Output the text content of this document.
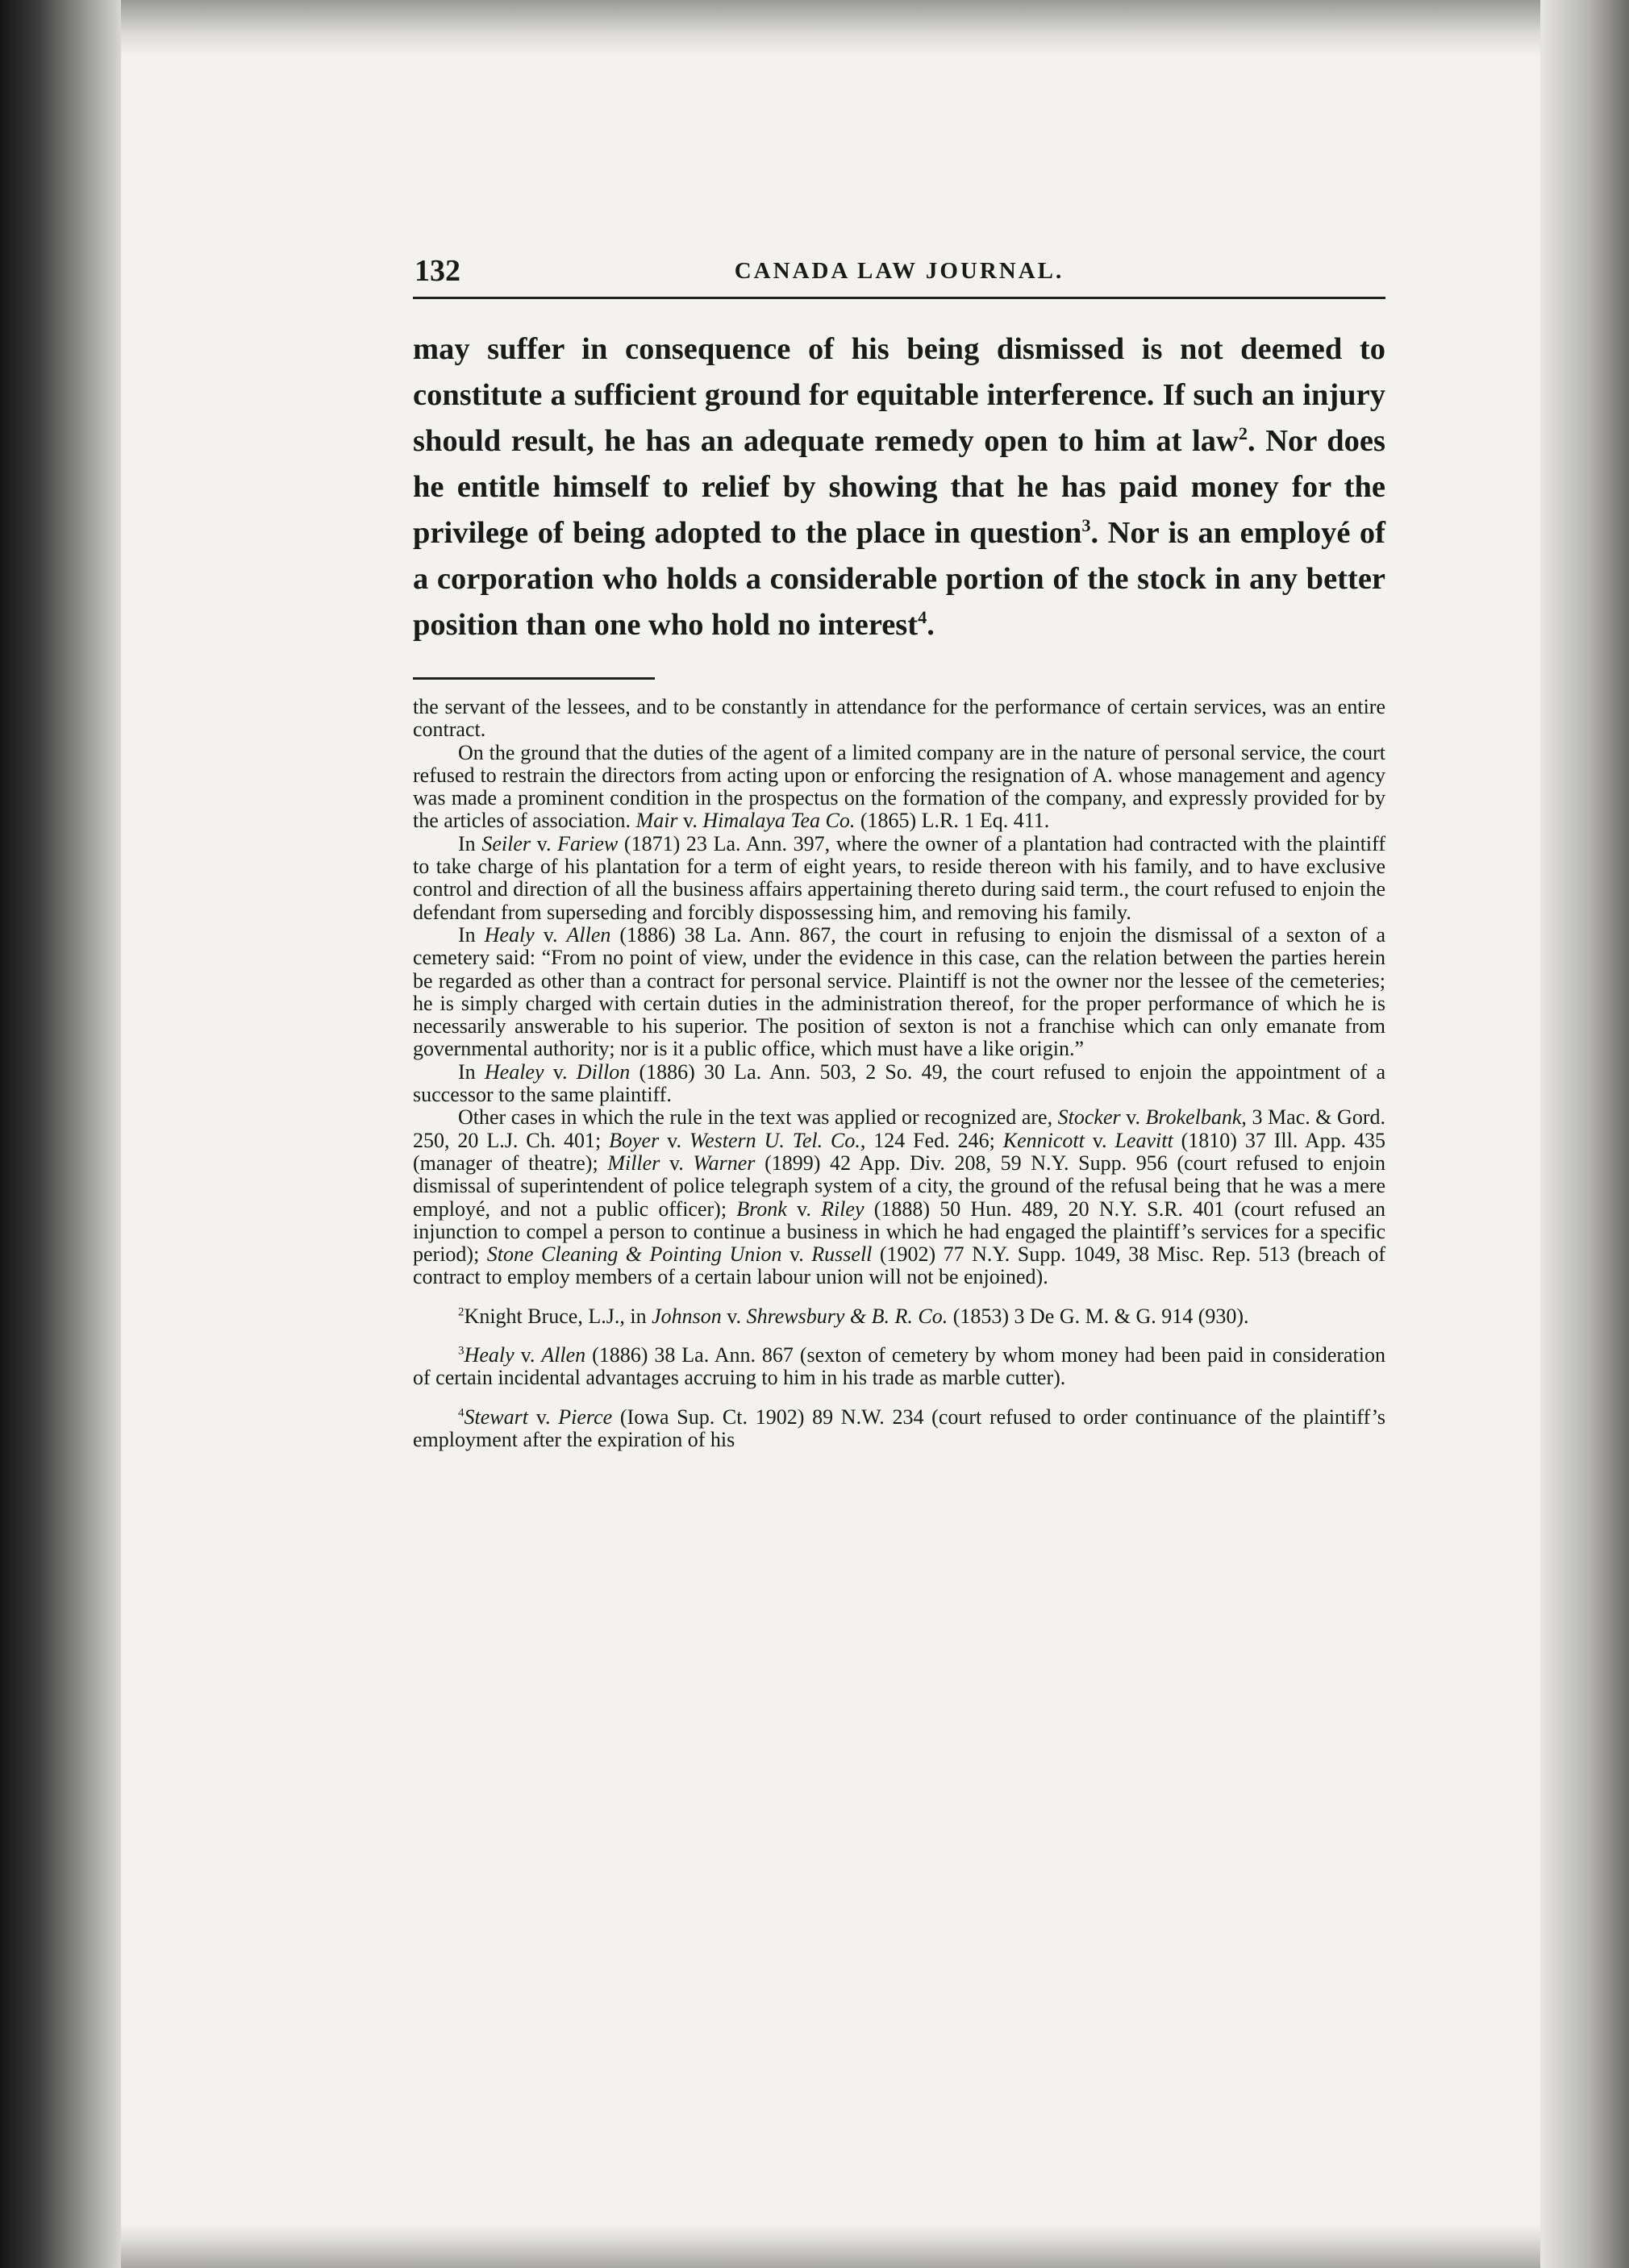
132	CANADA LAW JOURNAL.
may suffer in consequence of his being dismissed is not deemed to constitute a sufficient ground for equitable interference. If such an injury should result, he has an adequate remedy open to him at law$^2$. Nor does he entitle himself to relief by showing that he has paid money for the privilege of being adopted to the place in question$^3$. Nor is an employé of a corporation who holds a considerable portion of the stock in any better position than one who hold no interest$^4$.

the servant of the lessees, and to be constantly in attendance for the performance of certain services, was an entire contract.

On the ground that the duties of the agent of a limited company are in the nature of personal service, the court refused to restrain the directors from acting upon or enforcing the resignation of A. whose management and agency was made a prominent condition in the prospectus on the formation of the company, and expressly provided for by the articles of association. Mair v. Himalaya Tea Co. (1865) L.R. 1 Eq. 411.

In Seiler v. Fariew (1871) 23 La. Ann. 397, where the owner of a plantation had contracted with the plaintiff to take charge of his plantation for a term of eight years, to reside thereon with his family, and to have exclusive control and direction of all the business affairs appertaining thereto during said term., the court refused to enjoin the defendant from superseding and forcibly dispossessing him, and removing his family.

In Healy v. Allen (1886) 38 La. Ann. 867, the court in refusing to enjoin the dismissal of a sexton of a cemetery said: “From no point of view, under the evidence in this case, can the relation between the parties herein be regarded as other than a contract for personal service. Plaintiff is not the owner nor the lessee of the cemeteries; he is simply charged with certain duties in the administration thereof, for the proper performance of which he is necessarily answerable to his superior. The position of sexton is not a franchise which can only emanate from governmental authority; nor is it a public office, which must have a like origin.”

In Healey v. Dillon (1886) 30 La. Ann. 503, 2 So. 49, the court refused to enjoin the appointment of a successor to the same plaintiff.

Other cases in which the rule in the text was applied or recognized are, Stocker v. Brokelbank, 3 Mac. & Gord. 250, 20 L.J. Ch. 401; Boyer v. Western U. Tel. Co., 124 Fed. 246; Kennicott v. Leavitt (1810) 37 Ill. App. 435 (manager of theatre); Miller v. Warner (1899) 42 App. Div. 208, 59 N.Y. Supp. 956 (court refused to enjoin dismissal of superintendent of police telegraph system of a city, the ground of the refusal being that he was a mere employé, and not a public officer); Bronk v. Riley (1888) 50 Hun. 489, 20 N.Y. S.R. 401 (court refused an injunction to compel a person to continue a business in which he had engaged the plaintiff’s services for a specific period); Stone Cleaning & Pointing Union v. Russell (1902) 77 N.Y. Supp. 1049, 38 Misc. Rep. 513 (breach of contract to employ members of a certain labour union will not be enjoined).

$^2$Knight Bruce, L.J., in Johnson v. Shrewsbury & B. R. Co. (1853) 3 De G. M. & G. 914 (930).

$^3$Healy v. Allen (1886) 38 La. Ann. 867 (sexton of cemetery by whom money had been paid in consideration of certain incidental advantages accruing to him in his trade as marble cutter).

$^4$Stewart v. Pierce (Iowa Sup. Ct. 1902) 89 N.W. 234 (court refused to order continuance of the plaintiff’s employment after the expiration of his
